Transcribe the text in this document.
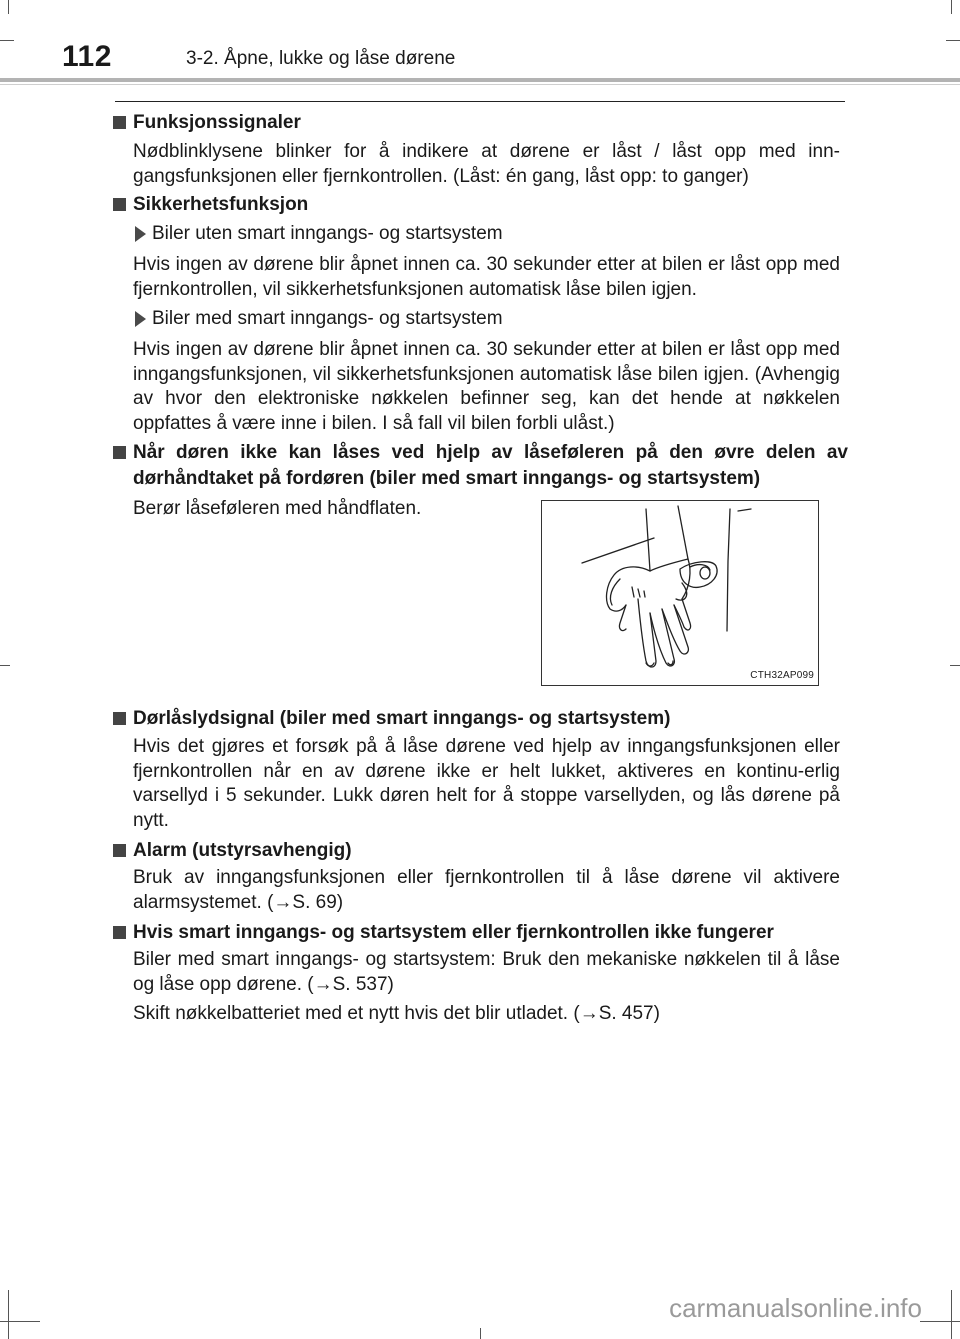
112	3-2. Åpne, lukke og låse dørene
Funksjonssignaler
Nødblinklysene blinker for å indikere at dørene er låst / låst opp med inn-gangsfunksjonen eller fjernkontrollen. (Låst: én gang, låst opp: to ganger)
Sikkerhetsfunksjon
Biler uten smart inngangs- og startsystem
Hvis ingen av dørene blir åpnet innen ca. 30 sekunder etter at bilen er låst opp med fjernkontrollen, vil sikkerhetsfunksjonen automatisk låse bilen igjen.
Biler med smart inngangs- og startsystem
Hvis ingen av dørene blir åpnet innen ca. 30 sekunder etter at bilen er låst opp med inngangsfunksjonen, vil sikkerhetsfunksjonen automatisk låse bilen igjen. (Avhengig av hvor den elektroniske nøkkelen befinner seg, kan det hende at nøkkelen oppfattes å være inne i bilen. I så fall vil bilen forbli ulåst.)
Når døren ikke kan låses ved hjelp av låseføleren på den øvre delen av dørhåndtaket på fordøren (biler med smart inngangs- og startsystem)
Berør låseføleren med håndflaten.
CTH32AP099
Dørlåslydsignal (biler med smart inngangs- og startsystem)
Hvis det gjøres et forsøk på å låse dørene ved hjelp av inngangsfunksjonen eller fjernkontrollen når en av dørene ikke er helt lukket, aktiveres en kontinu-erlig varsellyd i 5 sekunder. Lukk døren helt for å stoppe varsellyden, og lås dørene på nytt.
Alarm (utstyrsavhengig)
Bruk av inngangsfunksjonen eller fjernkontrollen til å låse dørene vil aktivere alarmsystemet. (→S. 69)
Hvis smart inngangs- og startsystem eller fjernkontrollen ikke fungerer
Biler med smart inngangs- og startsystem: Bruk den mekaniske nøkkelen til å låse og låse opp dørene. (→S. 537)
Skift nøkkelbatteriet med et nytt hvis det blir utladet. (→S. 457)
carmanualsonline.info
